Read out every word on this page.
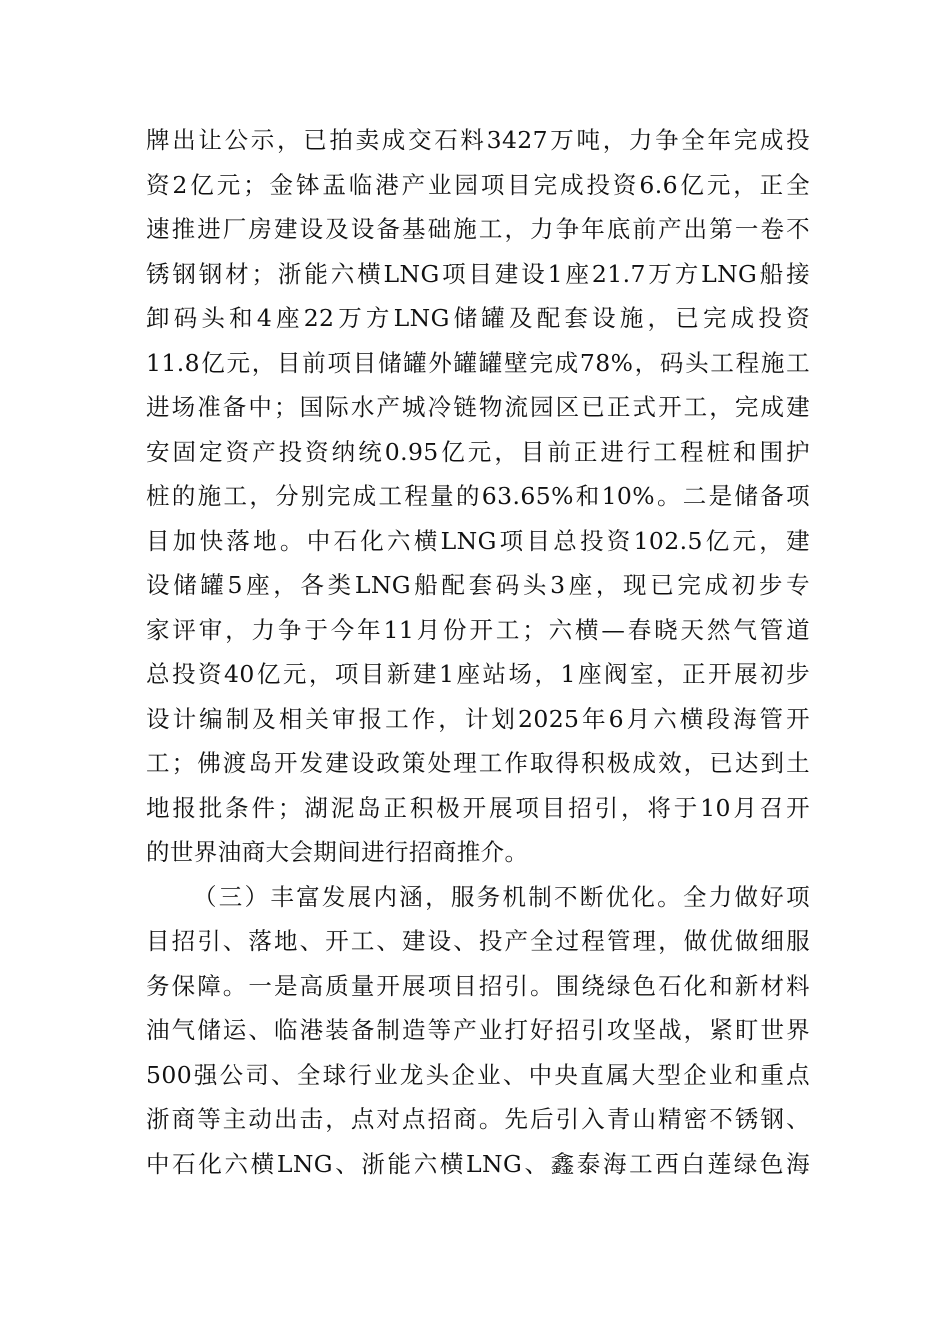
牌出让公示，已拍卖成交石料3427万吨，力争全年完成投
资2亿元；金钵盂临港产业园项目完成投资6.6亿元，正全
速推进厂房建设及设备基础施工，力争年底前产出第一卷不
锈钢钢材；浙能六横LNG项目建设1座21.7万方LNG船接
卸码头和4座22万方LNG储罐及配套设施，已完成投资
11.8亿元，目前项目储罐外罐罐壁完成78%，码头工程施工
进场准备中；国际水产城冷链物流园区已正式开工，完成建
安固定资产投资纳统0.95亿元，目前正进行工程桩和围护
桩的施工，分别完成工程量的63.65%和10%。二是储备项
目加快落地。中石化六横LNG项目总投资102.5亿元，建
设储罐5座，各类LNG船配套码头3座，现已完成初步专
家评审，力争于今年11月份开工；六横—春晓天然气管道
总投资40亿元，项目新建1座站场，1座阀室，正开展初步
设计编制及相关审报工作，计划2025年6月六横段海管开
工；佛渡岛开发建设政策处理工作取得积极成效，已达到土
地报批条件；湖泥岛正积极开展项目招引，将于10月召开
的世界油商大会期间进行招商推介。
（三）丰富发展内涵，服务机制不断优化。全力做好项
目招引、落地、开工、建设、投产全过程管理，做优做细服
务保障。一是高质量开展项目招引。围绕绿色石化和新材料
油气储运、临港装备制造等产业打好招引攻坚战，紧盯世界
500强公司、全球行业龙头企业、中央直属大型企业和重点
浙商等主动出击，点对点招商。先后引入青山精密不锈钢、
中石化六横LNG、浙能六横LNG、鑫泰海工西白莲绿色海
